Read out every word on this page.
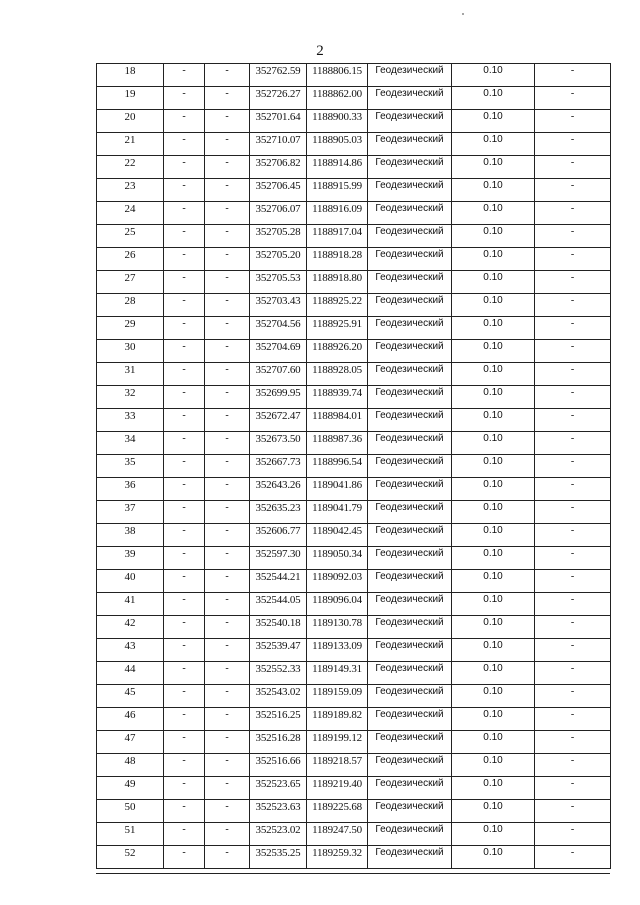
2
18	-	-	352762.59	1188806.15	Геодезический	0.10	-
19	-	-	352726.27	1188862.00	Геодезический	0.10	-
20	-	-	352701.64	1188900.33	Геодезический	0.10	-
21	-	-	352710.07	1188905.03	Геодезический	0.10	-
22	-	-	352706.82	1188914.86	Геодезический	0.10	-
23	-	-	352706.45	1188915.99	Геодезический	0.10	-
24	-	-	352706.07	1188916.09	Геодезический	0.10	-
25	-	-	352705.28	1188917.04	Геодезический	0.10	-
26	-	-	352705.20	1188918.28	Геодезический	0.10	-
27	-	-	352705.53	1188918.80	Геодезический	0.10	-
28	-	-	352703.43	1188925.22	Геодезический	0.10	-
29	-	-	352704.56	1188925.91	Геодезический	0.10	-
30	-	-	352704.69	1188926.20	Геодезический	0.10	-
31	-	-	352707.60	1188928.05	Геодезический	0.10	-
32	-	-	352699.95	1188939.74	Геодезический	0.10	-
33	-	-	352672.47	1188984.01	Геодезический	0.10	-
34	-	-	352673.50	1188987.36	Геодезический	0.10	-
35	-	-	352667.73	1188996.54	Геодезический	0.10	-
36	-	-	352643.26	1189041.86	Геодезический	0.10	-
37	-	-	352635.23	1189041.79	Геодезический	0.10	-
38	-	-	352606.77	1189042.45	Геодезический	0.10	-
39	-	-	352597.30	1189050.34	Геодезический	0.10	-
40	-	-	352544.21	1189092.03	Геодезический	0.10	-
41	-	-	352544.05	1189096.04	Геодезический	0.10	-
42	-	-	352540.18	1189130.78	Геодезический	0.10	-
43	-	-	352539.47	1189133.09	Геодезический	0.10	-
44	-	-	352552.33	1189149.31	Геодезический	0.10	-
45	-	-	352543.02	1189159.09	Геодезический	0.10	-
46	-	-	352516.25	1189189.82	Геодезический	0.10	-
47	-	-	352516.28	1189199.12	Геодезический	0.10	-
48	-	-	352516.66	1189218.57	Геодезический	0.10	-
49	-	-	352523.65	1189219.40	Геодезический	0.10	-
50	-	-	352523.63	1189225.68	Геодезический	0.10	-
51	-	-	352523.02	1189247.50	Геодезический	0.10	-
52	-	-	352535.25	1189259.32	Геодезический	0.10	-
